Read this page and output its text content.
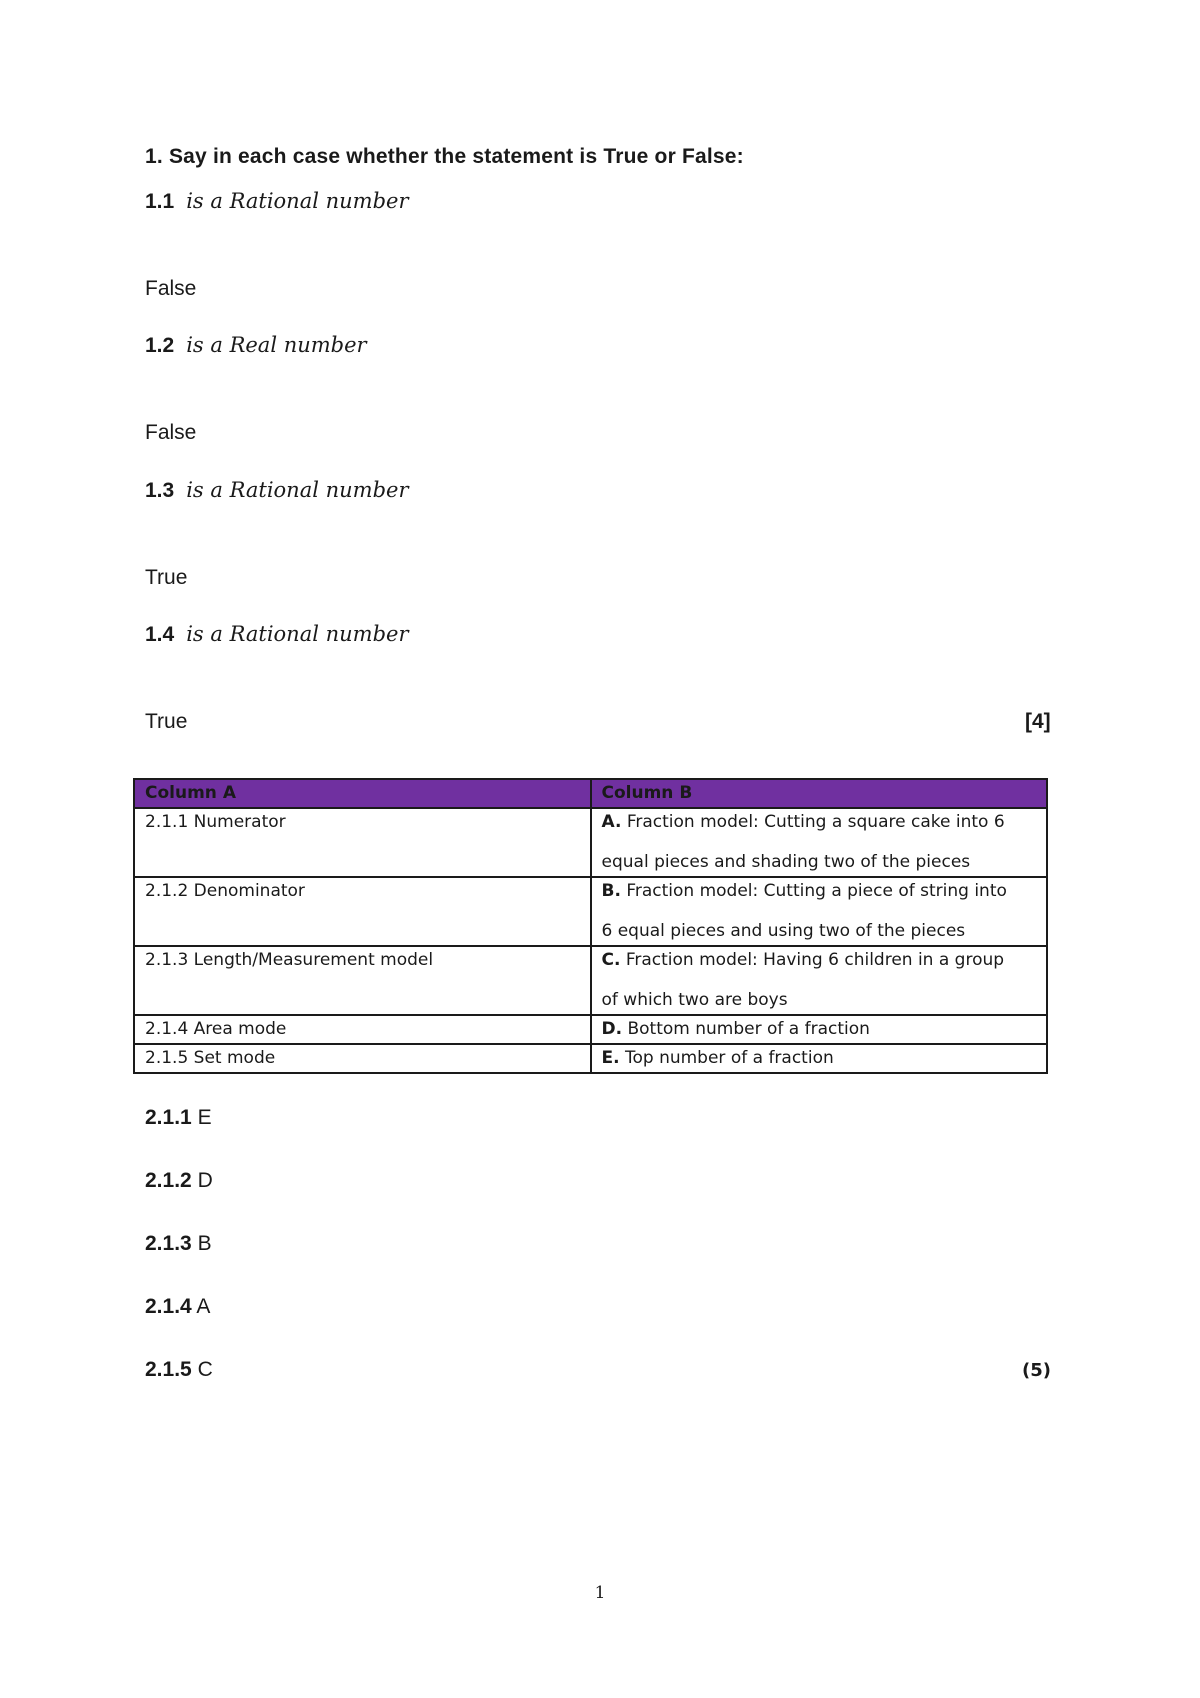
1. Say in each case whether the statement is True or False:
1.1 is a Rational number
False
1.2 is a Real number
False
1.3 is a Rational number
True
1.4 is a Rational number
True	[4]
Column A	Column B
2.1.1 Numerator	A. Fraction model: Cutting a square cake into 6
equal pieces and shading two of the pieces

2.1.2 Denominator	B. Fraction model: Cutting a piece of string into
6 equal pieces and using two of the pieces

2.1.3 Length/Measurement model	C. Fraction model: Having 6 children in a group
of which two are boys

2.1.4 Area mode	D. Bottom number of a fraction
2.1.5 Set mode	E. Top number of a fraction
2.1.1 E
2.1.2 D
2.1.3 B
2.1.4 A
2.1.5 C	(5)
1
